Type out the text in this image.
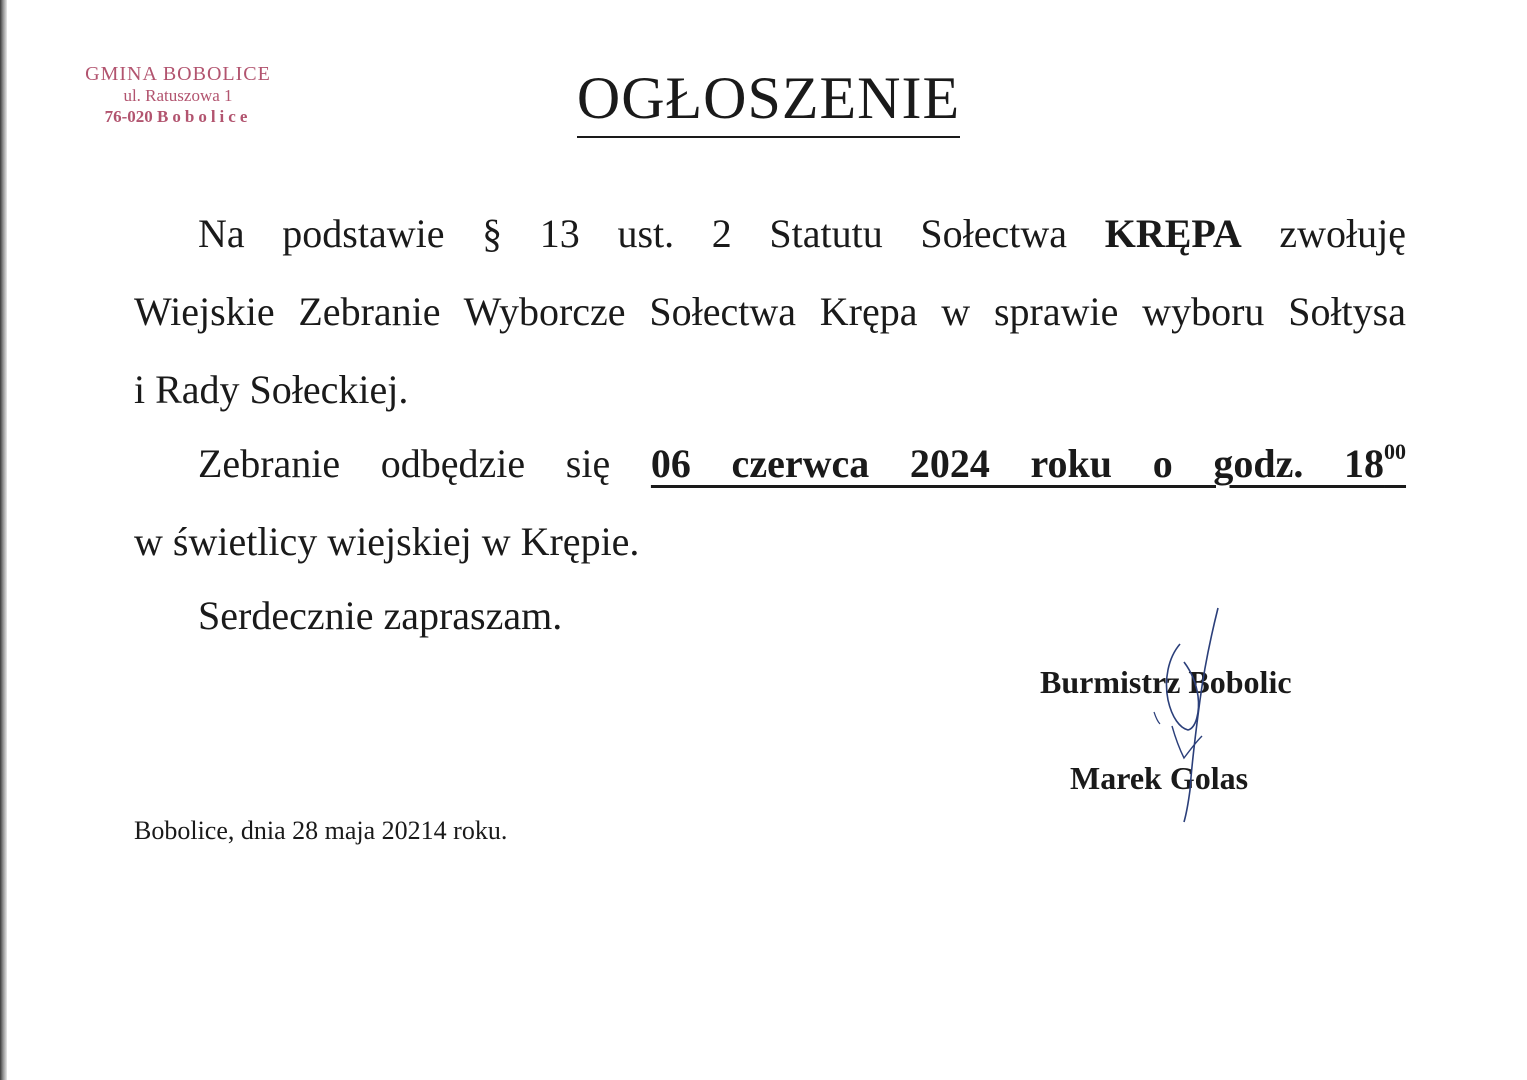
GMINA BOBOLICE
ul. Ratuszowa 1
76-020 Bobolice	OGŁOSZENIE
Na podstawie § 13 ust. 2 Statutu Sołectwa KRĘPA zwołuję
Wiejskie Zebranie Wyborcze Sołectwa Krępa w sprawie wyboru Sołtysa
i Rady Sołeckiej.
Zebranie odbędzie się 06 czerwca 2024 roku o godz. $18^{00}$
w świetlicy wiejskiej w Krępie.
Serdecznie zapraszam.
Burmistrz Bobolic
Marek Golas
Bobolice, dnia 28 maja 20214 roku.
